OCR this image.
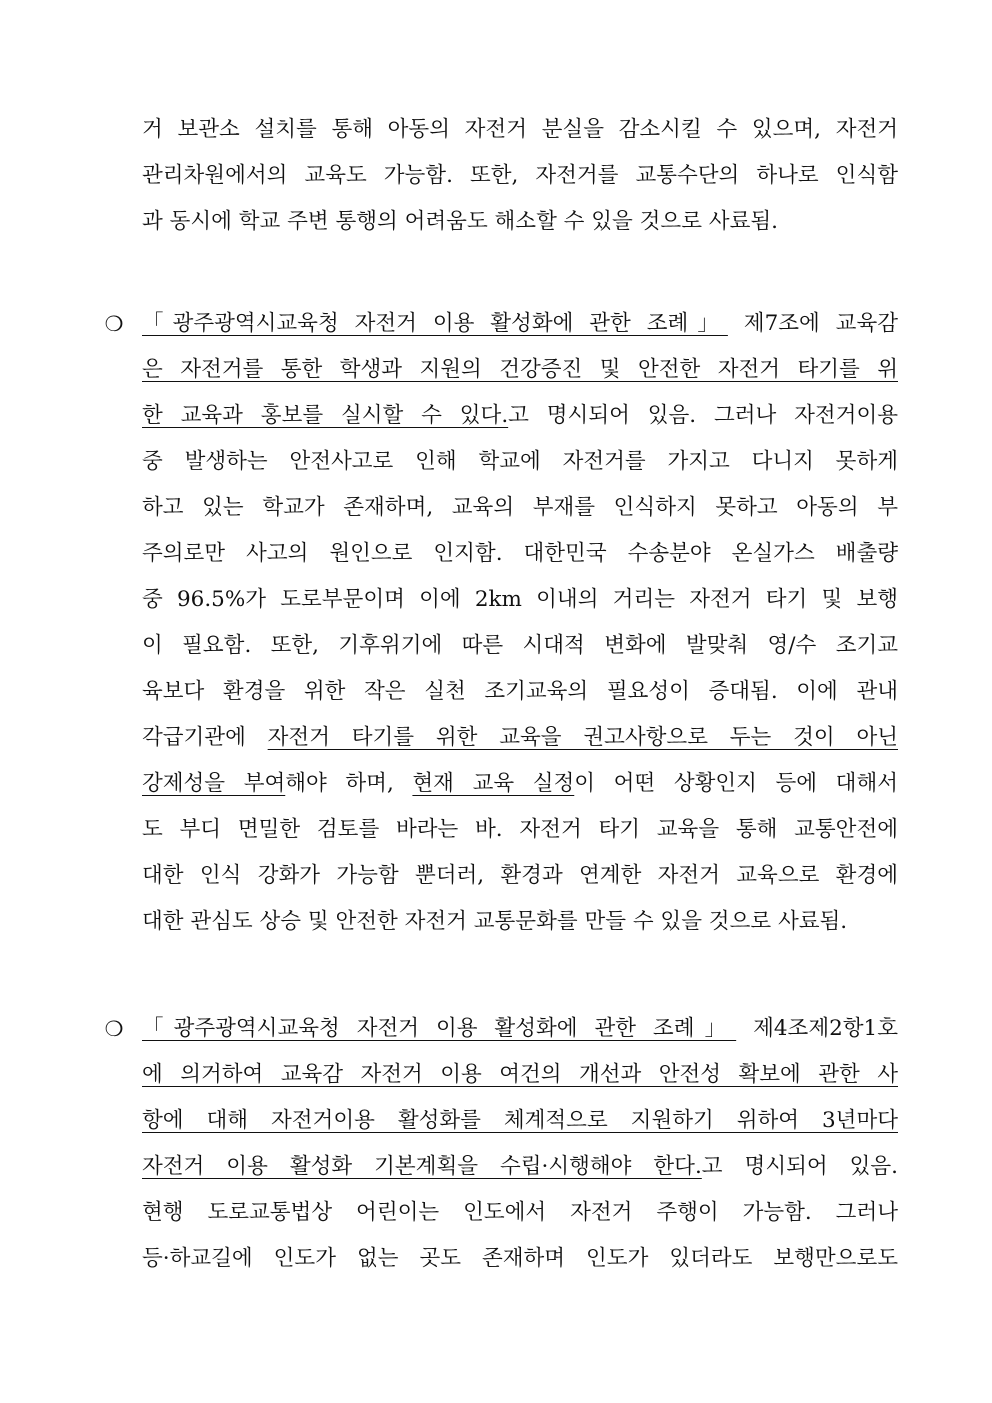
거 보관소 설치를 통해 아동의 자전거 분실을 감소시킬 수 있으며, 자전거
관리차원에서의 교육도 가능함. 또한, 자전거를 교통수단의 하나로 인식함
과 동시에 학교 주변 통행의 어려움도 해소할 수 있을 것으로 사료됨.
❍ 「광주광역시교육청 자전거 이용 활성화에 관한 조례」 제7조에 교육감
은 자전거를 통한 학생과 지원의 건강증진 및 안전한 자전거 타기를 위
한 교육과 홍보를 실시할 수 있다.고 명시되어 있음. 그러나 자전거이용
중 발생하는 안전사고로 인해 학교에 자전거를 가지고 다니지 못하게
하고 있는 학교가 존재하며, 교육의 부재를 인식하지 못하고 아동의 부
주의로만 사고의 원인으로 인지함. 대한민국 수송분야 온실가스 배출량
중 96.5%가 도로부문이며 이에 2km 이내의 거리는 자전거 타기 및 보행
이 필요함. 또한, 기후위기에 따른 시대적 변화에 발맞춰 영/수 조기교
육보다 환경을 위한 작은 실천 조기교육의 필요성이 증대됨. 이에 관내
각급기관에 자전거 타기를 위한 교육을 권고사항으로 두는 것이 아닌
강제성을 부여해야 하며, 현재 교육 실정이 어떤 상황인지 등에 대해서
도 부디 면밀한 검토를 바라는 바. 자전거 타기 교육을 통해 교통안전에
대한 인식 강화가 가능함 뿐더러, 환경과 연계한 자전거 교육으로 환경에
대한 관심도 상승 및 안전한 자전거 교통문화를 만들 수 있을 것으로 사료됨.
❍ 「광주광역시교육청 자전거 이용 활성화에 관한 조례」 제4조제2항1호
에 의거하여 교육감 자전거 이용 여건의 개선과 안전성 확보에 관한 사
항에 대해 자전거이용 활성화를 체계적으로 지원하기 위하여 3년마다
자전거 이용 활성화 기본계획을 수립·시행해야 한다.고 명시되어 있음.
현행 도로교통법상 어린이는 인도에서 자전거 주행이 가능함. 그러나
등·하교길에 인도가 없는 곳도 존재하며 인도가 있더라도 보행만으로도
